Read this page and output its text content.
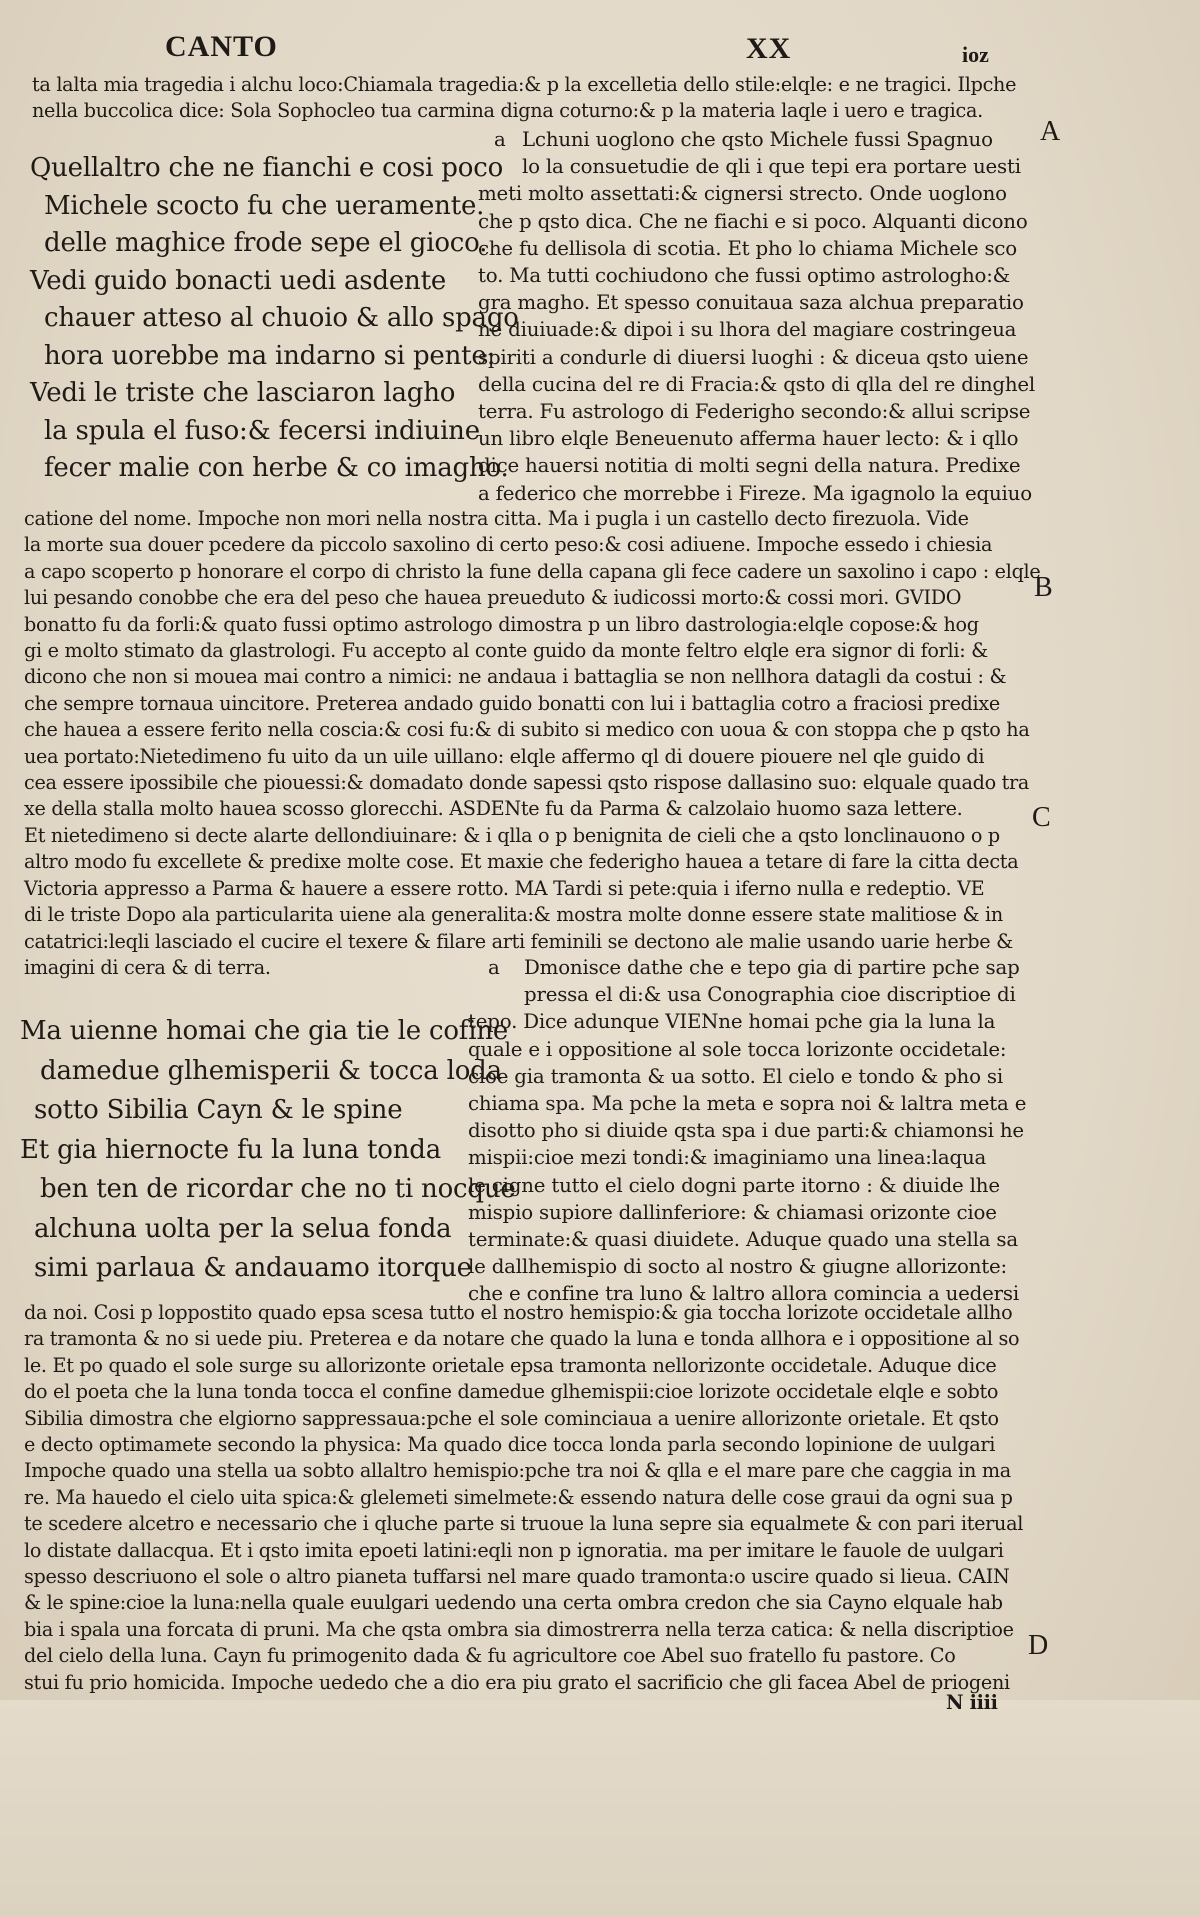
CANTO	XX	ioz
A
B
C
D
ta lalta mia tragedia i alchu loco:Chiamala tragedia:& p la excelletia dello stile:elqle: e ne tragici. Ilpche
nella buccolica dice: Sola Sophocleo tua carmina digna coturno:& p la materia laqle i uero e tragica.
a
Quellaltro che ne fianchi e cosi poco
Michele scocto fu che ueramente.
delle maghice frode sepe el gioco.
Vedi guido bonacti uedi asdente
chauer atteso al chuoio & allo spago
hora uorebbe ma indarno si pente:
Vedi le triste che lasciaron lagho
la spula el fuso:& fecersi indiuine
fecer malie con herbe & co imagho.
Lchuni uoglono che qsto Michele fussi Spagnuo
lo la consuetudie de qli i que tepi era portare uesti
meti molto assettati:& cignersi strecto. Onde uoglono
che p qsto dica. Che ne fiachi e si poco. Alquanti dicono
che fu dellisola di scotia. Et pho lo chiama Michele sco
to. Ma tutti cochiudono che fussi optimo astrologho:&
gra magho. Et spesso conuitaua saza alchua preparatio
ne diuiuade:& dipoi i su lhora del magiare costringeua
spiriti a condurle di diuersi luoghi : & diceua qsto uiene
della cucina del re di Fracia:& qsto di qlla del re dinghel
terra. Fu astrologo di Federigho secondo:& allui scripse
un libro elqle Beneuenuto afferma hauer lecto: & i qllo
dice hauersi notitia di molti segni della natura. Predixe
a federico che morrebbe i Fireze. Ma igagnolo la equiuo
catione del nome. Impoche non mori nella nostra citta. Ma i pugla i un castello decto firezuola. Vide
la morte sua douer pcedere da piccolo saxolino di certo peso:& cosi adiuene. Impoche essedo i chiesia
a capo scoperto p honorare el corpo di christo la fune della capana gli fece cadere un saxolino i capo : elqle
lui pesando conobbe che era del peso che hauea preueduto & iudicossi morto:& cossi mori. GVIDO
bonatto fu da forli:& quato fussi optimo astrologo dimostra p un libro dastrologia:elqle copose:& hog
gi e molto stimato da glastrologi. Fu accepto al conte guido da monte feltro elqle era signor di forli: &
dicono che non si mouea mai contro a nimici: ne andaua i battaglia se non nellhora datagli da costui : &
che sempre tornaua uincitore. Preterea andado guido bonatti con lui i battaglia cotro a fraciosi predixe
che hauea a essere ferito nella coscia:& cosi fu:& di subito si medico con uoua & con stoppa che p qsto ha
uea portato:Nietedimeno fu uito da un uile uillano: elqle affermo ql di douere piouere nel qle guido di
cea essere ipossibile che piouessi:& domadato donde sapessi qsto rispose dallasino suo: elquale quado tra
xe della stalla molto hauea scosso glorecchi. ASDENte fu da Parma & calzolaio huomo saza lettere.
Et nietedimeno si decte alarte dellondiuinare: & i qlla o p benignita de cieli che a qsto lonclinauono o p
altro modo fu excellete & predixe molte cose. Et maxie che federigho hauea a tetare di fare la citta decta
Victoria appresso a Parma & hauere a essere rotto. MA Tardi si pete:quia i iferno nulla e redeptio. VE
di le triste Dopo ala particularita uiene ala generalita:& mostra molte donne essere state malitiose & in
catatrici:leqli lasciado el cucire el texere & filare arti feminili se dectono ale malie usando uarie herbe &
imagini di cera & di terra.	a	Dmonisce dathe che e tepo gia di partire pche sap
pressa el di:& usa Conographia cioe discriptioe di
tepo. Dice adunque VIENne homai pche gia la luna la
quale e i oppositione al sole tocca lorizonte occidetale:
cioe gia tramonta & ua sotto. El cielo e tondo & pho si
chiama spa. Ma pche la meta e sopra noi & laltra meta e
disotto pho si diuide qsta spa i due parti:& chiamonsi he
mispii:cioe mezi tondi:& imaginiamo una linea:laqua
le cigne tutto el cielo dogni parte itorno : & diuide lhe
mispio supiore dallinferiore: & chiamasi orizonte cioe
terminate:& quasi diuidete. Aduque quado una stella sa
le dallhemispio di socto al nostro & giugne allorizonte:
che e confine tra luno & laltro allora comincia a uedersi
Ma uienne homai che gia tie le cofine
damedue glhemisperii & tocca loda
sotto Sibilia Cayn & le spine
Et gia hiernocte fu la luna tonda
ben ten de ricordar che no ti nocque
alchuna uolta per la selua fonda
simi parlaua & andauamo itorque
da noi. Cosi p loppostito quado epsa scesa tutto el nostro hemispio:& gia toccha lorizote occidetale allho
ra tramonta & no si uede piu. Preterea e da notare che quado la luna e tonda allhora e i oppositione al so
le. Et po quado el sole surge su allorizonte orietale epsa tramonta nellorizonte occidetale. Aduque dice
do el poeta che la luna tonda tocca el confine damedue glhemispii:cioe lorizote occidetale elqle e sobto
Sibilia dimostra che elgiorno sappressaua:pche el sole cominciaua a uenire allorizonte orietale. Et qsto
e decto optimamete secondo la physica: Ma quado dice tocca londa parla secondo lopinione de uulgari
Impoche quado una stella ua sobto allaltro hemispio:pche tra noi & qlla e el mare pare che caggia in ma
re. Ma hauedo el cielo uita spica:& glelemeti simelmete:& essendo natura delle cose graui da ogni sua p
te scedere alcetro e necessario che i qluche parte si truoue la luna sepre sia equalmete & con pari iterual
lo distate dallacqua. Et i qsto imita epoeti latini:eqli non p ignoratia. ma per imitare le fauole de uulgari
spesso descriuono el sole o altro pianeta tuffarsi nel mare quado tramonta:o uscire quado si lieua. CAIN
& le spine:cioe la luna:nella quale euulgari uedendo una certa ombra credon che sia Cayno elquale hab
bia i spala una forcata di pruni. Ma che qsta ombra sia dimostrerra nella terza catica: & nella discriptioe
del cielo della luna. Cayn fu primogenito dada & fu agricultore coe Abel suo fratello fu pastore. Co
stui fu prio homicida. Impoche uededo che a dio era piu grato el sacrificio che gli facea Abel de priogeni
N iiii
